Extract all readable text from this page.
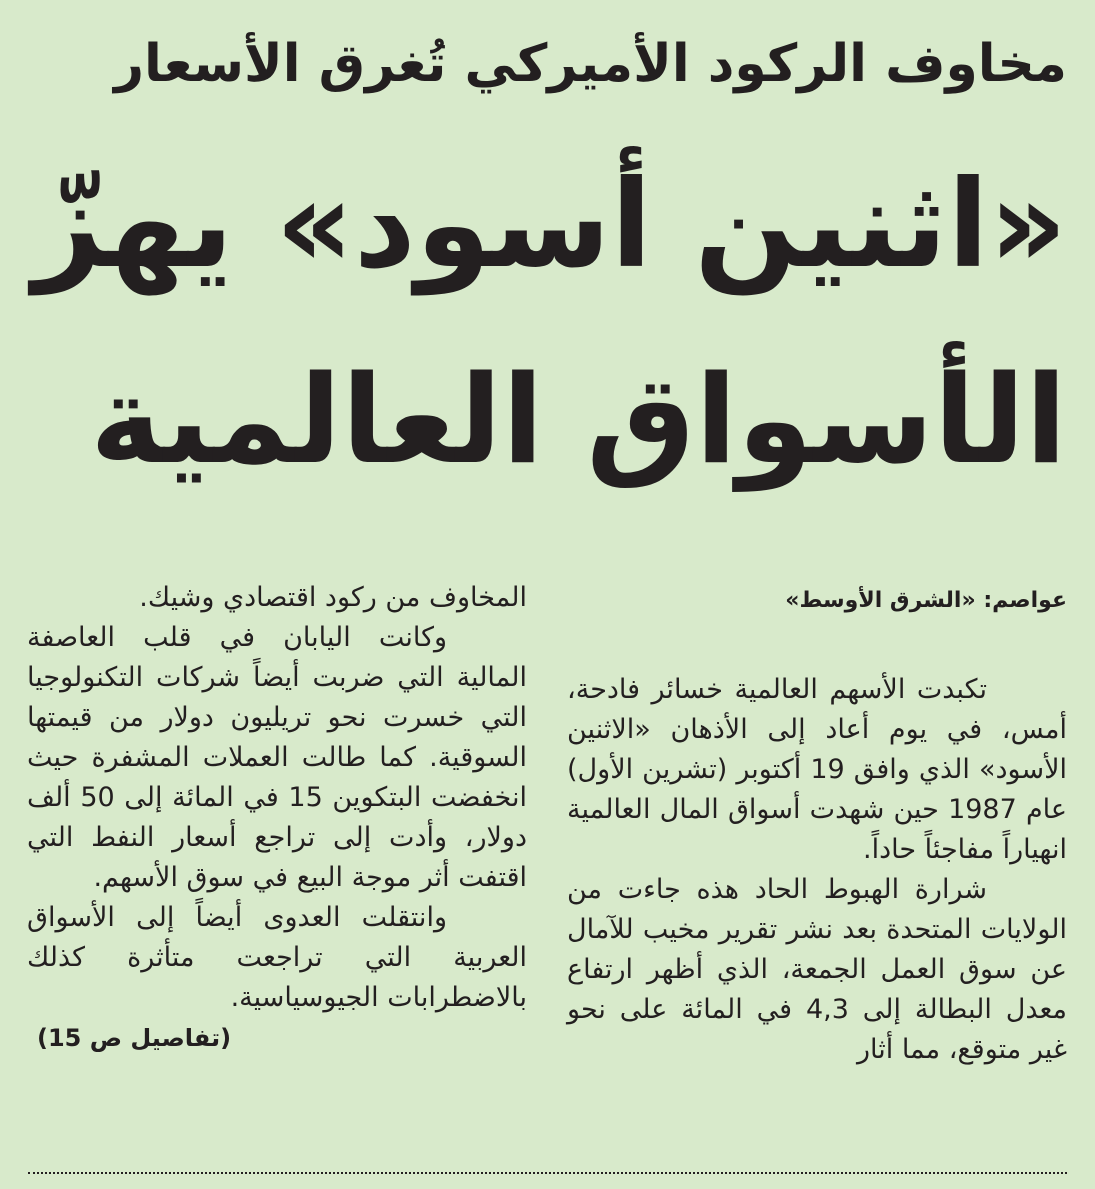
مخاوف الركود الأميركي تُغرق الأسعار
«اثنين أسود» يهزّ
الأسواق العالمية
عواصم: «الشرق الأوسط»

تكبدت الأسهم العالمية خسائر فادحة، أمس، في يوم أعاد إلى الأذهان «الاثنين الأسود» الذي وافق 19 أكتوبر (تشرين الأول) عام 1987 حين شهدت أسواق المال العالمية انهياراً مفاجئاً حاداً.

شرارة الهبوط الحاد هذه جاءت من الولايات المتحدة بعد نشر تقرير مخيب للآمال عن سوق العمل الجمعة، الذي أظهر ارتفاع معدل البطالة إلى 4,3 في المائة على نحو غير متوقع، مما أثار

المخاوف من ركود اقتصادي وشيك.

وكانت اليابان في قلب العاصفة المالية التي ضربت أيضاً شركات التكنولوجيا التي خسرت نحو تريليون دولار من قيمتها السوقية. كما طالت العملات المشفرة حيث انخفضت البتكوين 15 في المائة إلى 50 ألف دولار، وأدت إلى تراجع أسعار النفط التي اقتفت أثر موجة البيع في سوق الأسهم.

وانتقلت العدوى أيضاً إلى الأسواق العربية التي تراجعت متأثرة كذلك بالاضطرابات الجيوسياسية.

(تفاصيل ص 15)
